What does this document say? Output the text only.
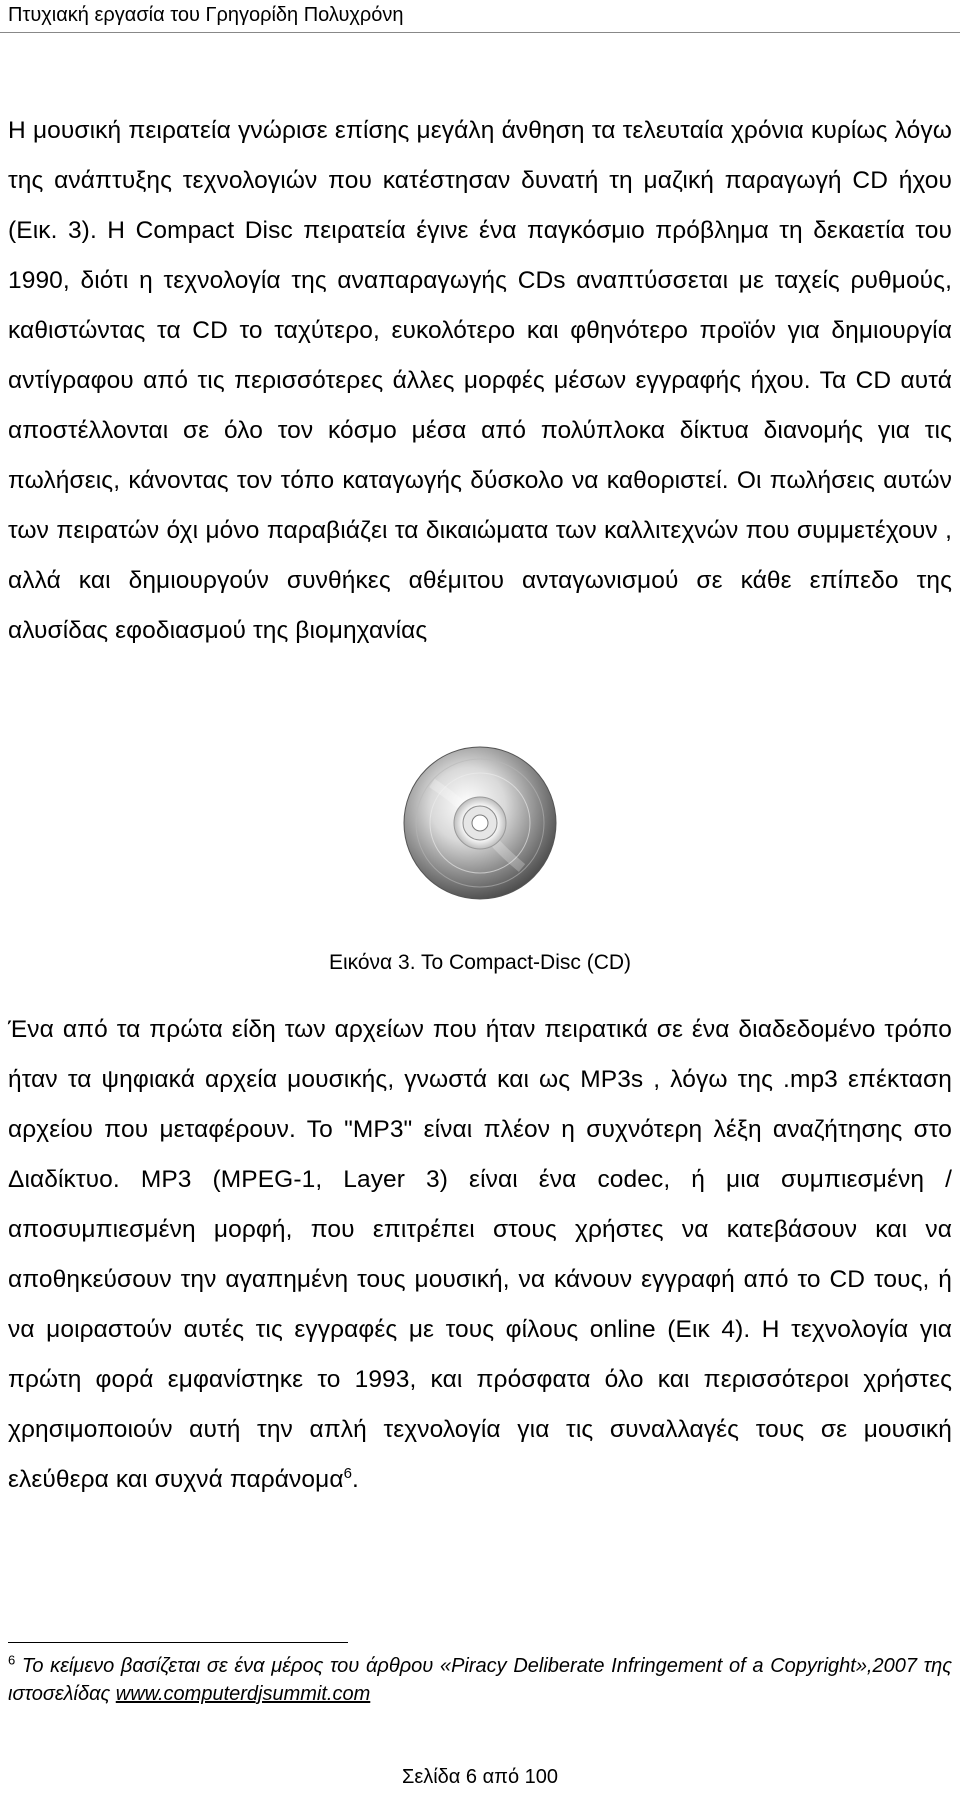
Πτυχιακή εργασία του Γρηγορίδη Πολυχρόνη

Η μουσική πειρατεία γνώρισε επίσης μεγάλη άνθηση τα τελευταία χρόνια κυρίως λόγω της ανάπτυξης τεχνολογιών που κατέστησαν δυνατή τη μαζική παραγωγή CD ήχου (Εικ. 3). Η Compact Disc πειρατεία έγινε ένα παγκόσμιο πρόβλημα τη δεκαετία του 1990, διότι η τεχνολογία της αναπαραγωγής CDs αναπτύσσεται με ταχείς ρυθμούς, καθιστώντας τα CD το ταχύτερο, ευκολότερο και φθηνότερο προϊόν για δημιουργία αντίγραφου από τις περισσότερες άλλες μορφές μέσων εγγραφής ήχου. Τα CD αυτά αποστέλλονται σε όλο τον κόσμο μέσα από πολύπλοκα δίκτυα διανομής για τις πωλήσεις, κάνοντας τον τόπο καταγωγής δύσκολο να καθοριστεί. Οι πωλήσεις αυτών των πειρατών όχι μόνο παραβιάζει τα δικαιώματα των καλλιτεχνών που συμμετέχουν , αλλά και δημιουργούν συνθήκες αθέμιτου ανταγωνισμού σε κάθε επίπεδο της αλυσίδας εφοδιασμού της βιομηχανίας

Εικόνα 3. Το Compact-Disc (CD)

Ένα από τα πρώτα είδη των αρχείων που ήταν πειρατικά σε ένα διαδεδομένο τρόπο ήταν τα ψηφιακά αρχεία μουσικής, γνωστά και ως MP3s , λόγω της .mp3 επέκταση αρχείου που μεταφέρουν. Το "MP3" είναι πλέον η συχνότερη λέξη αναζήτησης στο Διαδίκτυο. MP3 (MPEG-1, Layer 3) είναι ένα codec, ή μια συμπιεσμένη / αποσυμπιεσμένη μορφή, που επιτρέπει στους χρήστες να κατεβάσουν και να αποθηκεύσουν την αγαπημένη τους μουσική, να κάνουν εγγραφή από το CD τους, ή να μοιραστούν αυτές τις εγγραφές με τους φίλους online (Εικ 4). Η τεχνολογία για πρώτη φορά εμφανίστηκε το 1993, και πρόσφατα όλο και περισσότεροι χρήστες χρησιμοποιούν αυτή την απλή τεχνολογία για τις συναλλαγές τους σε μουσική ελεύθερα και συχνά παράνομα$^6$.

$^6$ Το κείμενο βασίζεται σε ένα μέρος του άρθρου «Piracy Deliberate Infringement of a Copyright»,2007 της ιστοσελίδας www.computerdjsummit.com
Σελίδα 6 από 100
